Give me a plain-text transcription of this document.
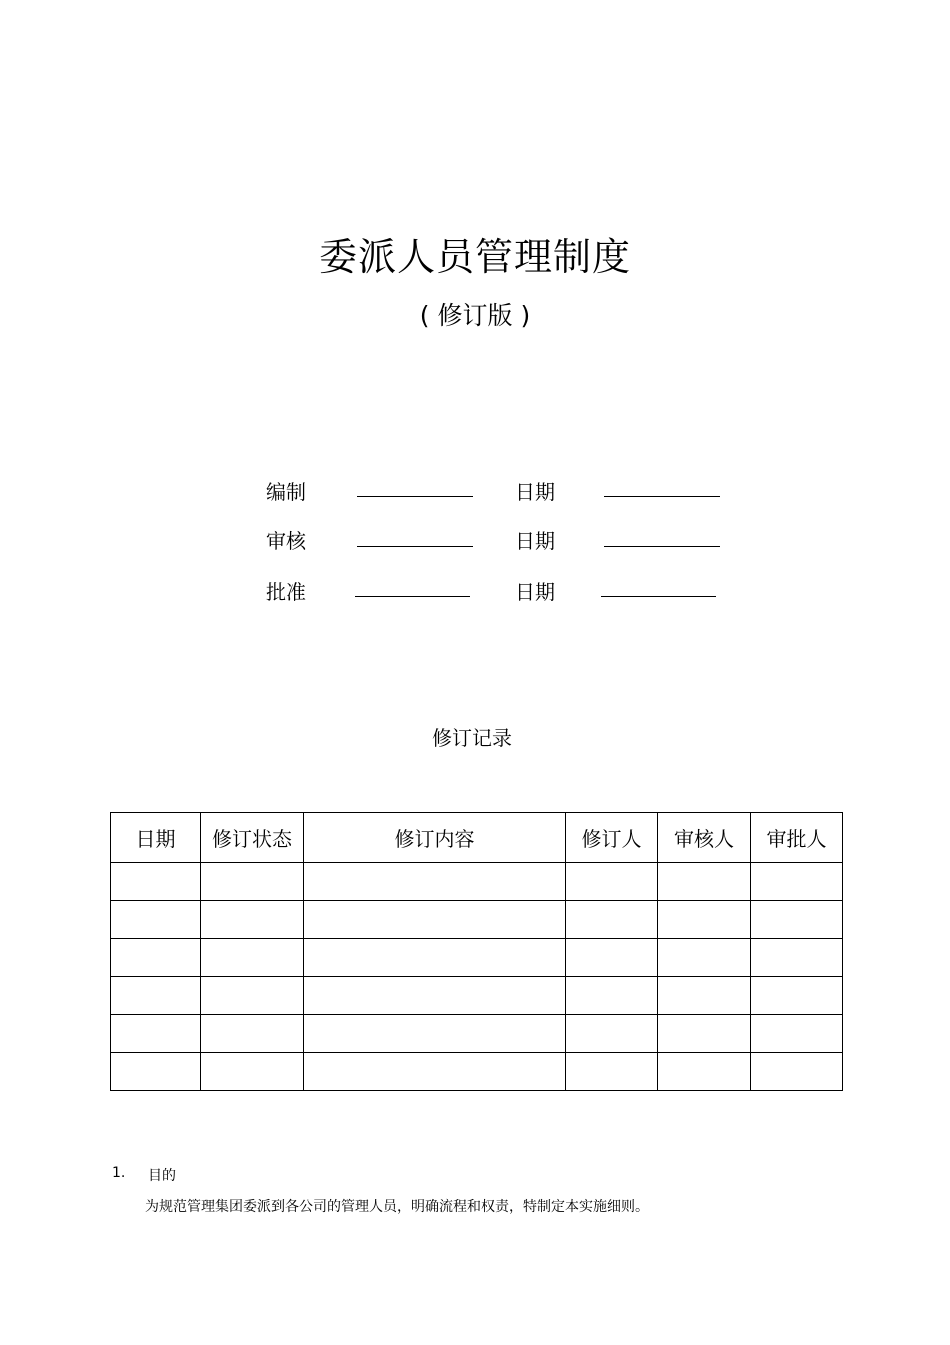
委派人员管理制度
( 修订版 )
编制	日期
审核	日期
批准	日期
修订记录
日期	修订状态	修订内容	修订人	审核人	审批人

1. 目的
为规范管理集团委派到各公司的管理人员，明确流程和权责，特制定本实施细则。
